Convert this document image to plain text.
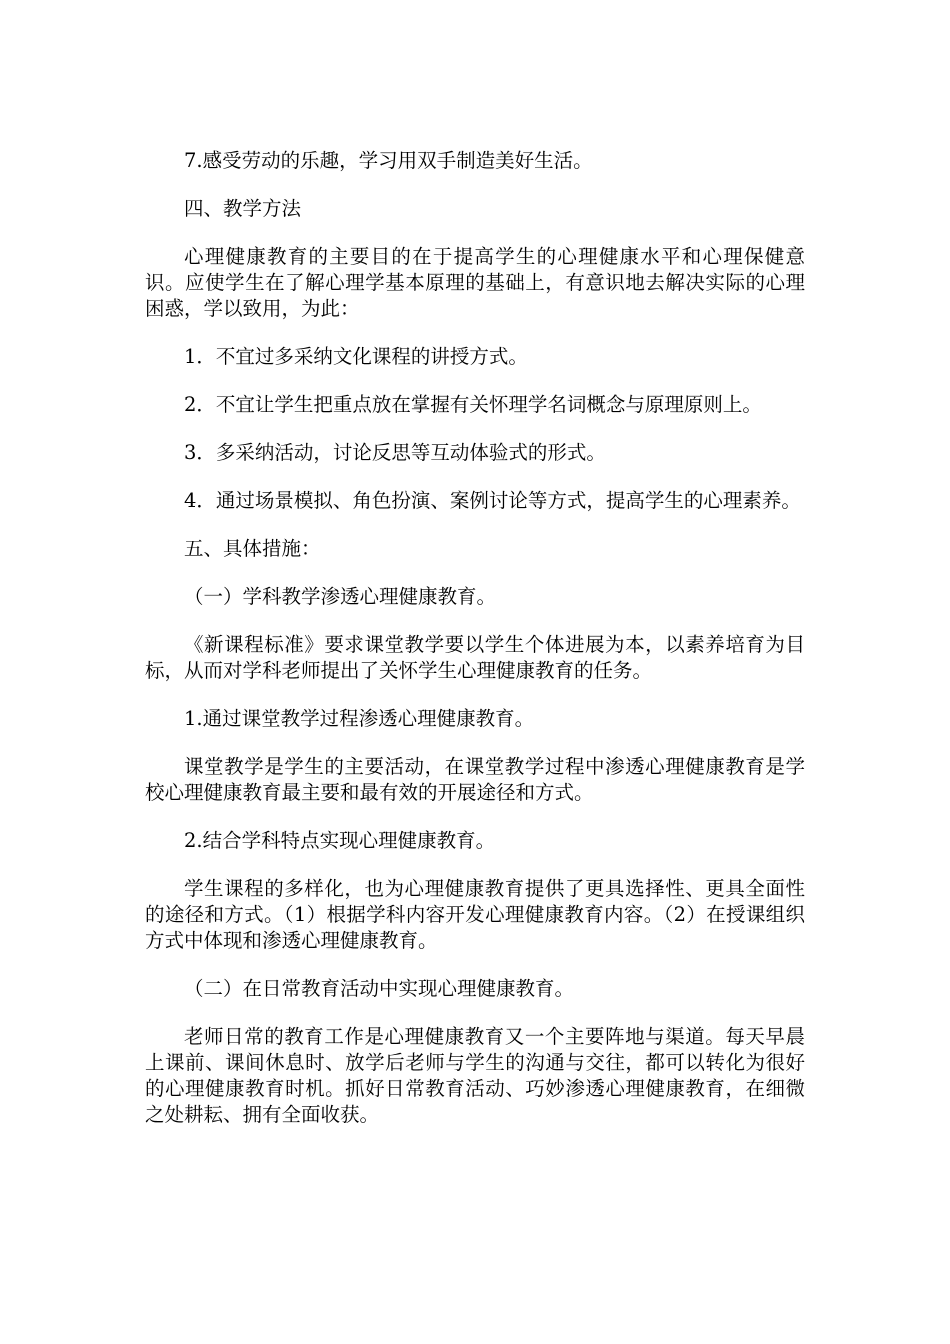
7.感受劳动的乐趣，学习用双手制造美好生活。

四、教学方法

心理健康教育的主要目的在于提高学生的心理健康水平和心理保健意识。应使学生在了解心理学基本原理的基础上，有意识地去解决实际的心理困惑，学以致用，为此：

1．不宜过多采纳文化课程的讲授方式。

2．不宜让学生把重点放在掌握有关怀理学名词概念与原理原则上。

3．多采纳活动，讨论反思等互动体验式的形式。

4．通过场景模拟、角色扮演、案例讨论等方式，提高学生的心理素养。

五、具体措施：

（一）学科教学渗透心理健康教育。

《新课程标准》要求课堂教学要以学生个体进展为本，以素养培育为目标，从而对学科老师提出了关怀学生心理健康教育的任务。

1.通过课堂教学过程渗透心理健康教育。

课堂教学是学生的主要活动，在课堂教学过程中渗透心理健康教育是学校心理健康教育最主要和最有效的开展途径和方式。

2.结合学科特点实现心理健康教育。

学生课程的多样化，也为心理健康教育提供了更具选择性、更具全面性的途径和方式。（1）根据学科内容开发心理健康教育内容。（2）在授课组织方式中体现和渗透心理健康教育。

（二）在日常教育活动中实现心理健康教育。

老师日常的教育工作是心理健康教育又一个主要阵地与渠道。每天早晨上课前、课间休息时、放学后老师与学生的沟通与交往，都可以转化为很好的心理健康教育时机。抓好日常教育活动、巧妙渗透心理健康教育，在细微之处耕耘、拥有全面收获。
